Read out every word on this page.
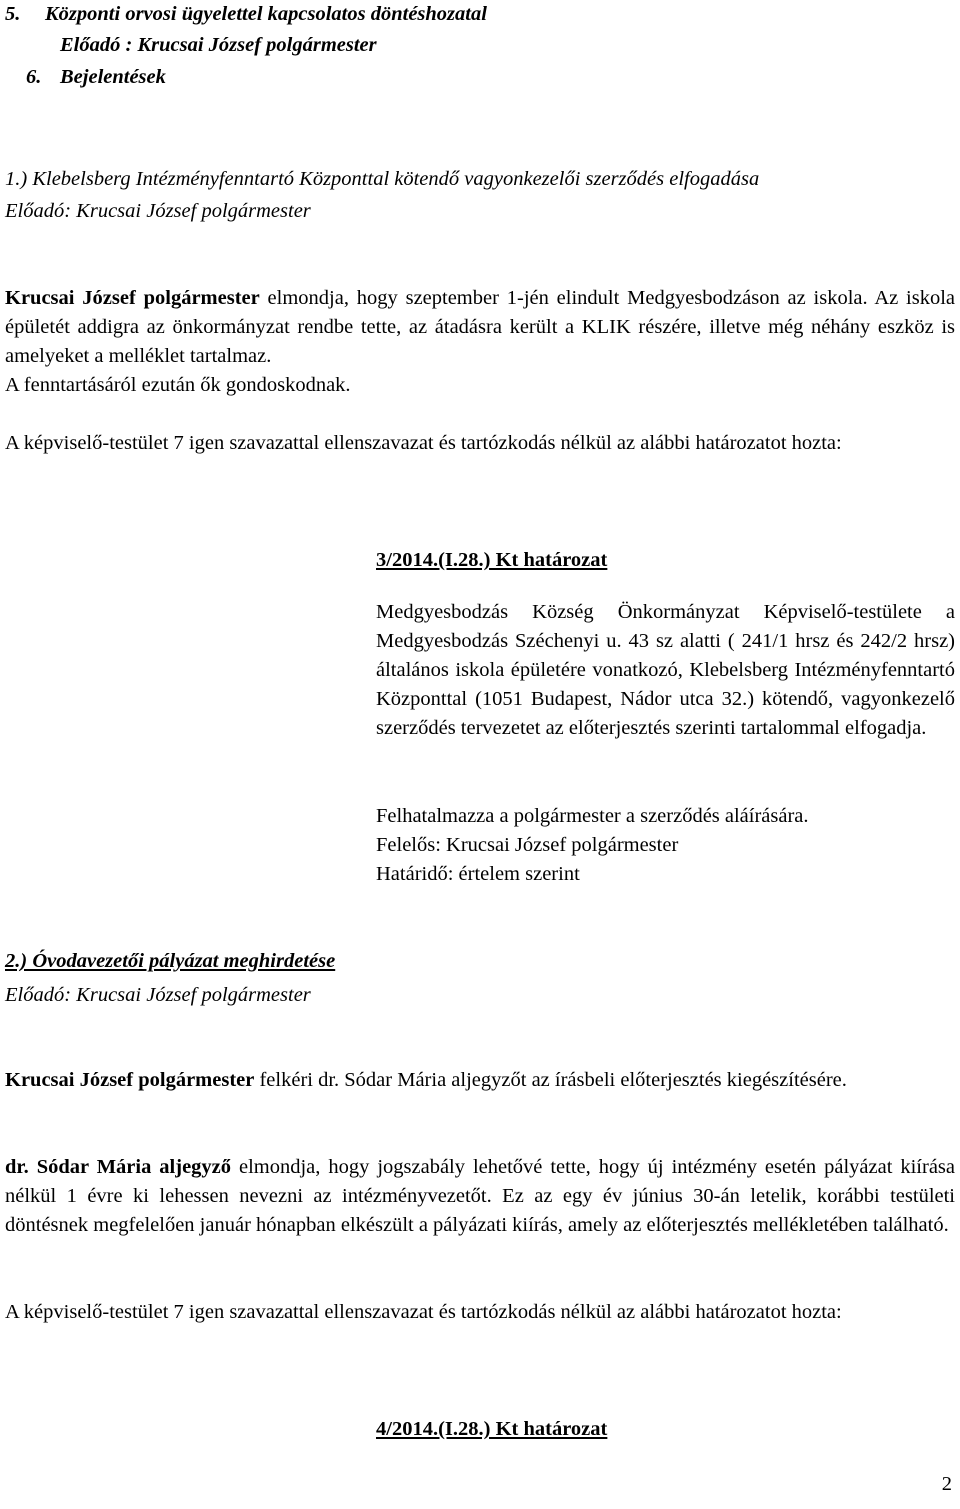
5. Központi orvosi ügyelettel kapcsolatos döntéshozatal
Előadó : Krucsai József polgármester
6. Bejelentések
1.) Klebelsberg Intézményfenntartó Központtal kötendő vagyonkezelői szerződés elfogadása
Előadó: Krucsai József polgármester

Krucsai József polgármester elmondja, hogy szeptember 1-jén elindult Medgyesbodzáson az iskola. Az iskola épületét addigra az önkormányzat rendbe tette, az átadásra került a KLIK részére, illetve még néhány eszköz is amelyeket a melléklet tartalmaz.

A fenntartásáról ezután ők gondoskodnak.

A képviselő-testület 7 igen szavazattal ellenszavazat és tartózkodás nélkül az alábbi határozatot hozta:

3/2014.(I.28.) Kt határozat

Medgyesbodzás Község Önkormányzat Képviselő-testülete a Medgyesbodzás Széchenyi u. 43 sz alatti ( 241/1 hrsz és 242/2 hrsz) általános iskola épületére vonatkozó, Klebelsberg Intézményfenntartó Központtal (1051 Budapest, Nádor utca 32.) kötendő, vagyonkezelő szerződés tervezetet az előterjesztés szerinti tartalommal elfogadja.

Felhatalmazza a polgármester a szerződés aláírására.

Felelős: Krucsai József polgármester

Határidő: értelem szerint

2.) Óvodavezetői pályázat meghirdetése
Előadó: Krucsai József polgármester

Krucsai József polgármester felkéri dr. Sódar Mária aljegyzőt az írásbeli előterjesztés kiegészítésére.

dr. Sódar Mária aljegyző elmondja, hogy jogszabály lehetővé tette, hogy új intézmény esetén pályázat kiírása nélkül 1 évre ki lehessen nevezni az intézményvezetőt. Ez az egy év június 30-án letelik, korábbi testületi döntésnek megfelelően január hónapban elkészült a pályázati kiírás, amely az előterjesztés mellékletében található.

A képviselő-testület 7 igen szavazattal ellenszavazat és tartózkodás nélkül az alábbi határozatot hozta:

4/2014.(I.28.) Kt határozat
2
